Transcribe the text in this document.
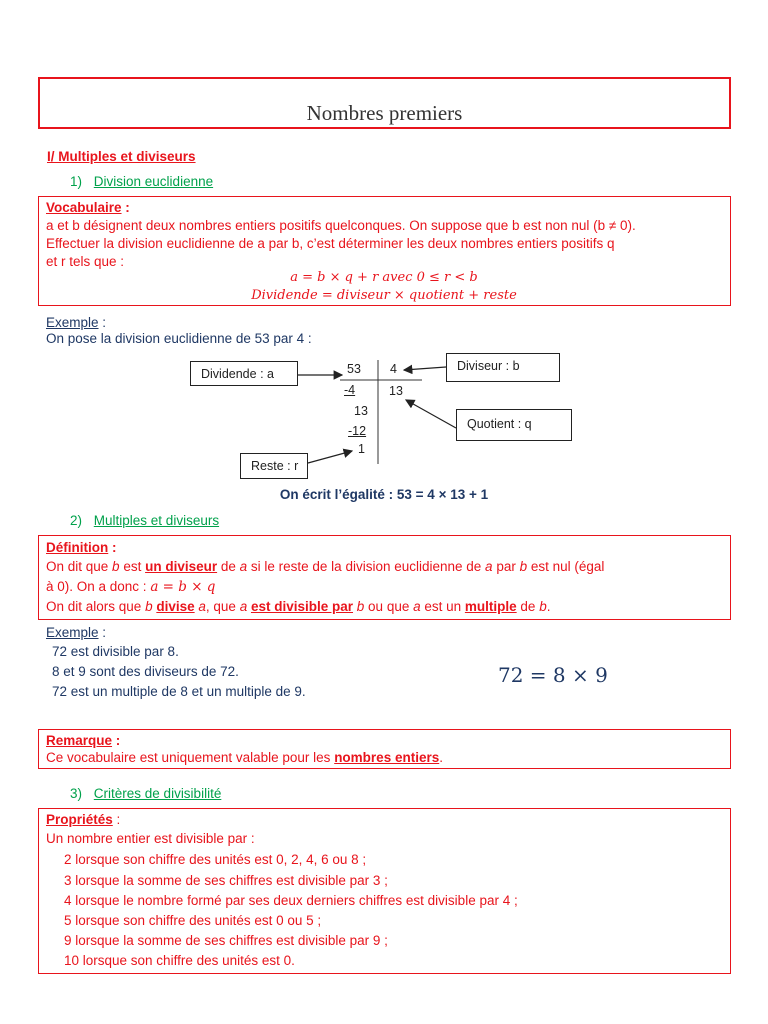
Nombres premiers
I/ Multiples et diviseurs
1) Division euclidienne
Vocabulaire :
a et b désignent deux nombres entiers positifs quelconques. On suppose que b est non nul (b ≠ 0).
Effectuer la division euclidienne de a par b, c’est déterminer les deux nombres entiers positifs q
et r tels que :
a = b × q + r avec 0 ≤ r < b
Dividende = diviseur × quotient + reste
Exemple :
On pose la division euclidienne de 53 par 4 :
Dividende : a
Diviseur : b
Quotient : q
Reste : r
53 4
-4	13
13
-12
1
On écrit l’égalité : 53 = 4 × 13 + 1
2) Multiples et diviseurs
Définition :
On dit que b est un diviseur de a si le reste de la division euclidienne de a par b est nul (égal
à 0). On a donc : a = b × q
On dit alors que b divise a, que a est divisible par b ou que a est un multiple de b.
Exemple :
72 est divisible par 8.
8 et 9 sont des diviseurs de 72.
72 est un multiple de 8 et un multiple de 9.
72 = 8 × 9
Remarque :
Ce vocabulaire est uniquement valable pour les nombres entiers.
3) Critères de divisibilité
Propriétés :
Un nombre entier est divisible par :
2 lorsque son chiffre des unités est 0, 2, 4, 6 ou 8 ;
3 lorsque la somme de ses chiffres est divisible par 3 ;
4 lorsque le nombre formé par ses deux derniers chiffres est divisible par 4 ;
5 lorsque son chiffre des unités est 0 ou 5 ;
9 lorsque la somme de ses chiffres est divisible par 9 ;
10 lorsque son chiffre des unités est 0.
